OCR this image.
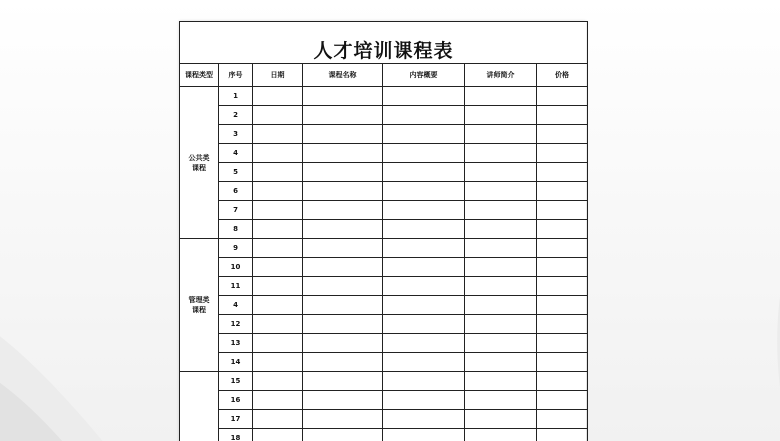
人才培训课程表						
课程类型	序号	日期	课程名称	内容概要	讲师简介	价格

公共类
课程	1					
	2					
	3					
	4					
	5					
	6					
	7					
	8					

管理类
课程	9					
	10					
	11					
	4					
	12					
	13					
	14					

	15					
	16					
	17					
	18					
